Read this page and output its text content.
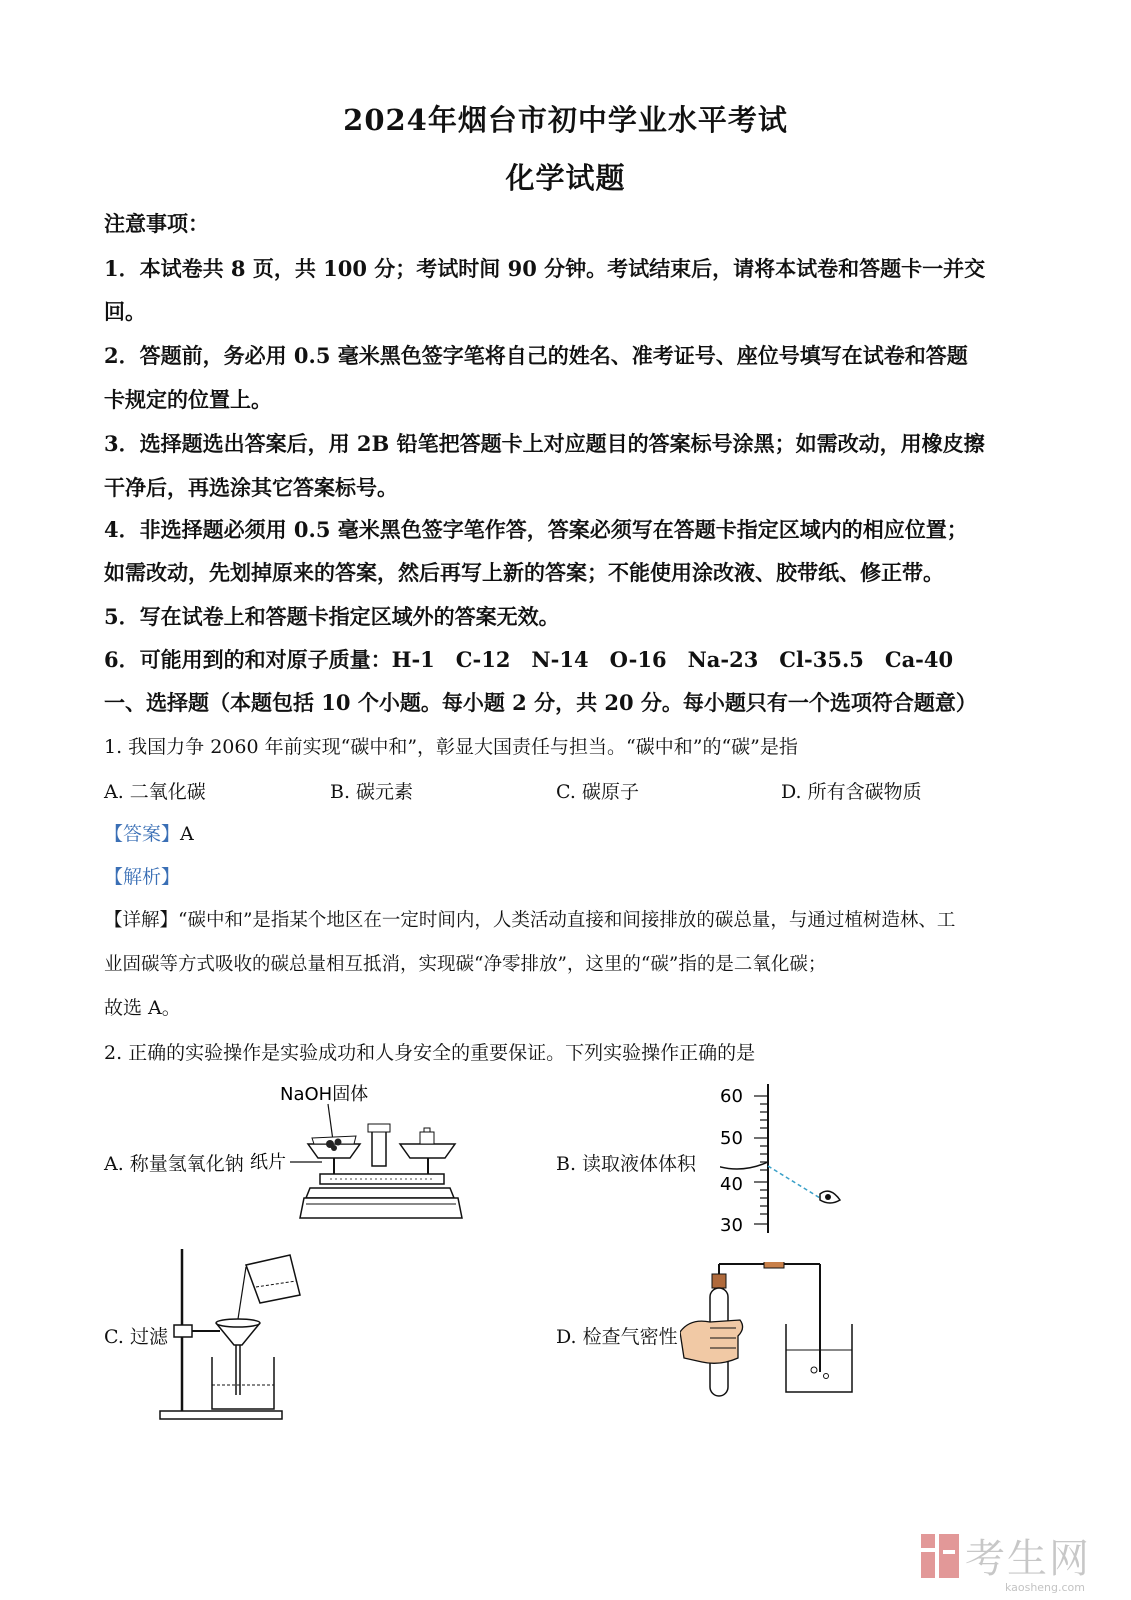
2024年烟台市初中学业水平考试
化学试题
注意事项：
1．本试卷共 8 页，共 100 分；考试时间 90 分钟。考试结束后，请将本试卷和答题卡一并交
回。
2．答题前，务必用 0.5 毫米黑色签字笔将自己的姓名、准考证号、座位号填写在试卷和答题
卡规定的位置上。
3．选择题选出答案后，用 2B 铅笔把答题卡上对应题目的答案标号涂黑；如需改动，用橡皮擦
干净后，再选涂其它答案标号。
4．非选择题必须用 0.5 毫米黑色签字笔作答，答案必须写在答题卡指定区域内的相应位置；
如需改动，先划掉原来的答案，然后再写上新的答案；不能使用涂改液、胶带纸、修正带。
5．写在试卷上和答题卡指定区域外的答案无效。
6．可能用到的和对原子质量：H-1　C-12　N-14　O-16　Na-23　Cl-35.5　Ca-40
一、选择题（本题包括 10 个小题。每小题 2 分，共 20 分。每小题只有一个选项符合题意）
1. 我国力争 2060 年前实现“碳中和”，彰显大国责任与担当。“碳中和”的“碳”是指
A. 二氧化碳	B. 碳元素	C. 碳原子	D. 所有含碳物质
【答案】A
【解析】
【详解】“碳中和”是指某个地区在一定时间内，人类活动直接和间接排放的碳总量，与通过植树造林、工
业固碳等方式吸收的碳总量相互抵消，实现碳“净零排放”，这里的“碳”指的是二氧化碳；
故选 A。
2. 正确的实验操作是实验成功和人身安全的重要保证。下列实验操作正确的是
A. 称量氢氧化钠	B. 读取液体体积
C. 过滤	D. 检查气密性
NaOH固体
纸片
60
50
40
30
考生网
kaosheng.com
